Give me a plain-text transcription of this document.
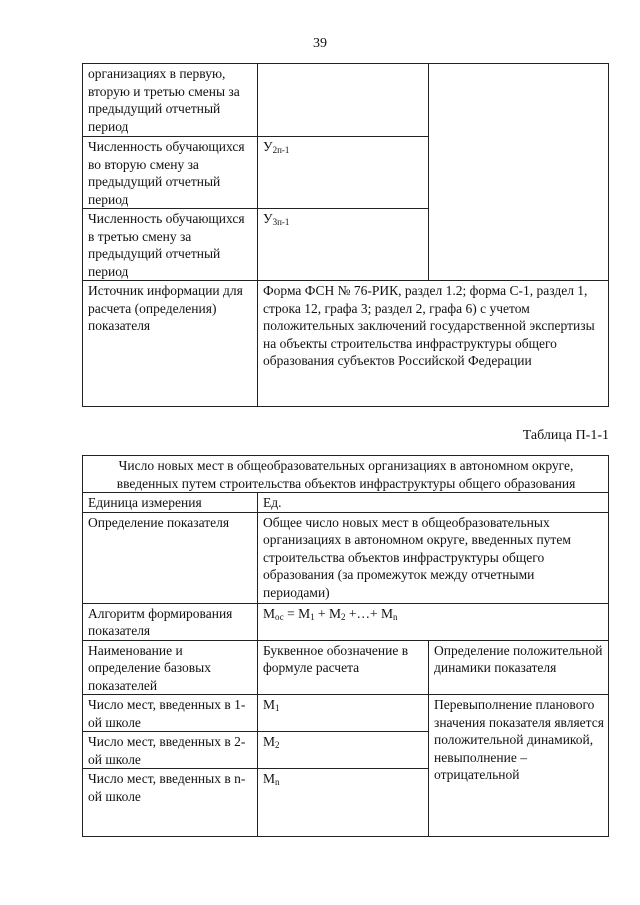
39
организациях в первую, вторую и третью смены за предыдущий отчетный период		
Численность обучающихся во вторую смену за предыдущий отчетный период	$У_{2п-1}$
Численность обучающихся в третью смену за предыдущий отчетный период	$У_{3п-1}$
Источник информации для расчета (определения) показателя	Форма ФСН № 76-РИК, раздел 1.2; форма С-1, раздел 1, строка 12, графа 3; раздел 2, графа 6) с учетом положительных заключений государственной экспертизы на объекты строительства инфраструктуры общего образования субъектов Российской Федерации	
Таблица П-1-1
Число новых мест в общеобразовательных организациях в автономном округе, введенных путем строительства объектов инфраструктуры общего образования		
Единица измерения	Ед.	
Определение показателя	Общее число новых мест в общеобразовательных организациях в автономном округе, введенных путем строительства объектов инфраструктуры общего образования (за промежуток между отчетными периодами)	
Алгоритм формирования показателя	$M_{ос} = M_1 + M_2$ +…+ $M_n$
Наименование и определение базовых показателей	Буквенное обозначение в формуле расчета	Определение положительной динамики показателя
Число мест, введенных в 1-ой школе	$M_1$	Перевыполнение планового значения показателя является положительной динамикой, невыполнение – отрицательной
Число мест, введенных в 2-ой школе	$M_2$
Число мест, введенных в n-ой школе	$M_n$
